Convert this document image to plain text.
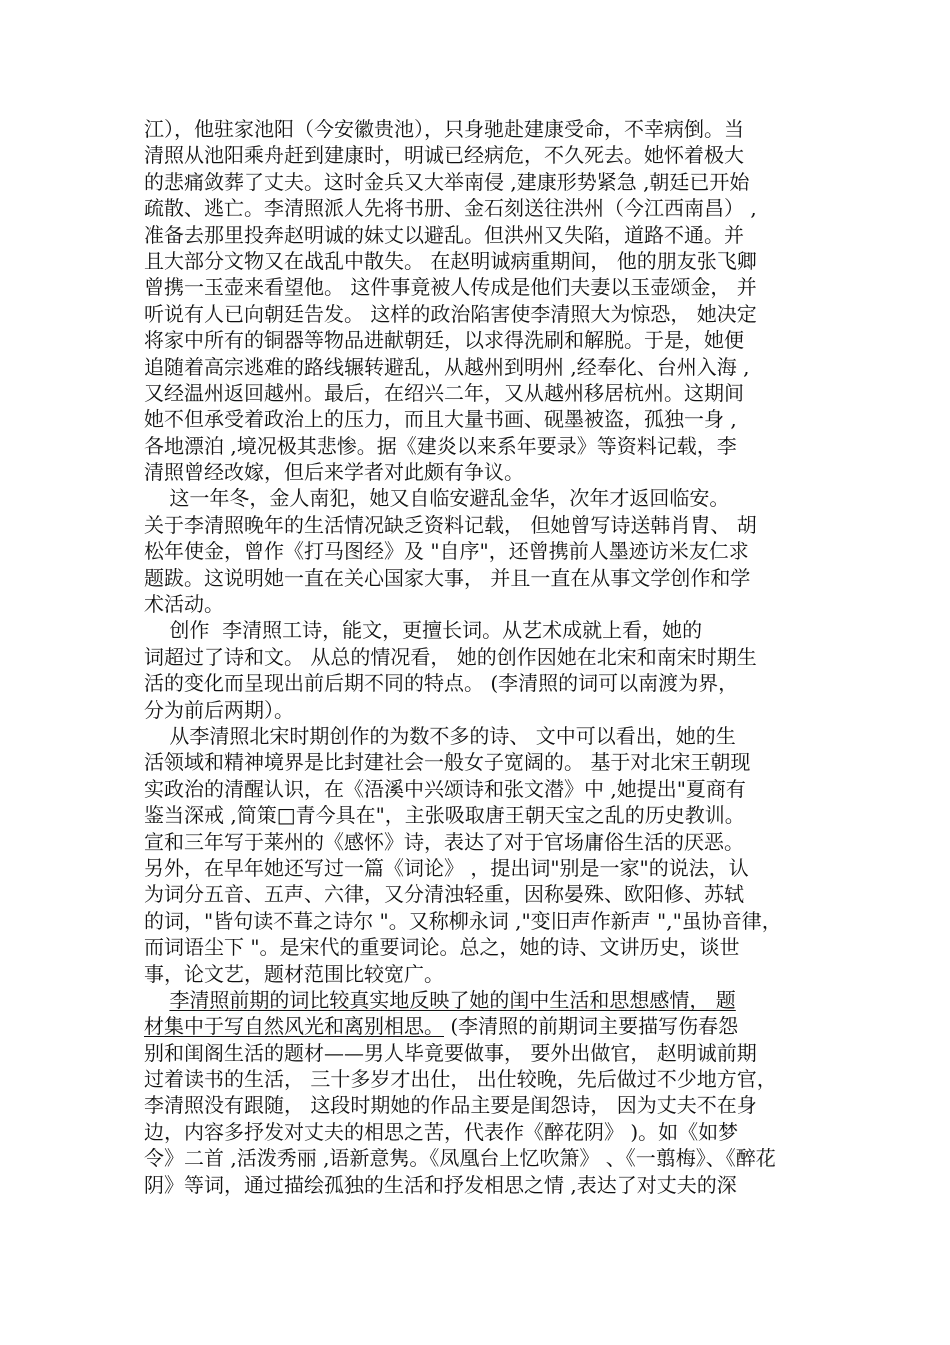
江），他驻家池阳（今安徽贵池），只身驰赴建康受命，不幸病倒。当
清照从池阳乘舟赶到建康时，明诚已经病危，不久死去。她怀着极大
的悲痛敛葬了丈夫。这时金兵又大举南侵 ,建康形势紧急 ,朝廷已开始
疏散、逃亡。李清照派人先将书册、金石刻送往洪州（今江西南昌） ,
准备去那里投奔赵明诚的妹丈以避乱。但洪州又失陷，道路不通。并
且大部分文物又在战乱中散失。 在赵明诚病重期间， 他的朋友张飞卿
曾携一玉壶来看望他。 这件事竟被人传成是他们夫妻以玉壶颂金， 并
听说有人已向朝廷告发。 这样的政治陷害使李清照大为惊恐， 她决定
将家中所有的铜器等物品进献朝廷，以求得洗刷和解脱。于是，她便
追随着高宗逃难的路线辗转避乱，从越州到明州 ,经奉化、台州入海 ,
又经温州返回越州。最后，在绍兴二年，又从越州移居杭州。这期间
她不但承受着政治上的压力，而且大量书画、砚墨被盗，孤独一身 ,
各地漂泊 ,境况极其悲惨。据《建炎以来系年要录》等资料记载，李
清照曾经改嫁，但后来学者对此颇有争议。
这一年冬，金人南犯，她又自临安避乱金华，次年才返回临安。
关于李清照晚年的生活情况缺乏资料记载， 但她曾写诗送韩肖胄、 胡
松年使金，曾作《打马图经》及 "自序"，还曾携前人墨迹访米友仁求
题跋。这说明她一直在关心国家大事， 并且一直在从事文学创作和学
术活动。
创作  李清照工诗，能文，更擅长词。从艺术成就上看，她的
词超过了诗和文。 从总的情况看， 她的创作因她在北宋和南宋时期生
活的变化而呈现出前后期不同的特点。 (李清照的词可以南渡为界，
分为前后两期）。
从李清照北宋时期创作的为数不多的诗、 文中可以看出，她的生
活领域和精神境界是比封建社会一般女子宽阔的。 基于对北宋王朝现
实政治的清醒认识，在《浯溪中兴颂诗和张文潜》中 ,她提出"夏商有
鉴当深戒 ,简策□青今具在"，主张吸取唐王朝天宝之乱的历史教训。
宣和三年写于莱州的《感怀》诗，表达了对于官场庸俗生活的厌恶。
另外，在早年她还写过一篇《词论》 ，提出词"别是一家"的说法，认
为词分五音、五声、六律，又分清浊轻重，因称晏殊、欧阳修、苏轼
的词，"皆句读不葺之诗尔 "。又称柳永词 ,"变旧声作新声 ","虽协音律，
而词语尘下 "。是宋代的重要词论。总之，她的诗、文讲历史，谈世
事，论文艺，题材范围比较宽广。
李清照前期的词比较真实地反映了她的闺中生活和思想感情， 题
材集中于写自然风光和离别相思。 (李清照的前期词主要描写伤春怨
别和闺阁生活的题材——男人毕竟要做事， 要外出做官， 赵明诚前期
过着读书的生活， 三十多岁才出仕， 出仕较晚，先后做过不少地方官，
李清照没有跟随， 这段时期她的作品主要是闺怨诗， 因为丈夫不在身
边，内容多抒发对丈夫的相思之苦，代表作《醉花阴》 )。如《如梦
令》二首 ,活泼秀丽 ,语新意隽。《凤凰台上忆吹箫》 、《一翦梅》、《醉花
阴》等词，通过描绘孤独的生活和抒发相思之情 ,表达了对丈夫的深
